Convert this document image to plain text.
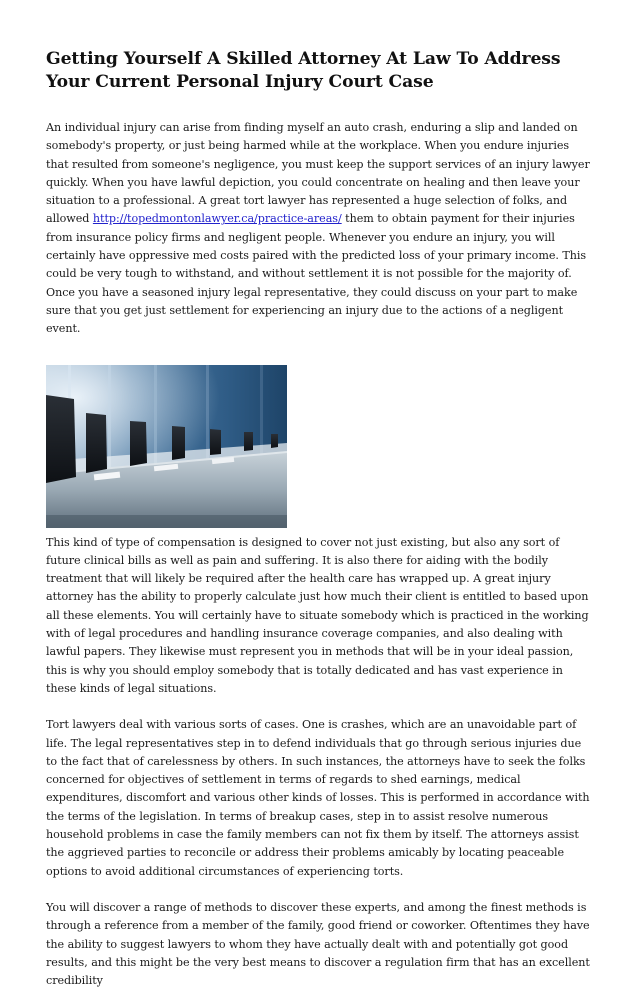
Getting Yourself A Skilled Attorney At Law To Address Your Current Personal Injury Court Case

An individual injury can arise from finding myself an auto crash, enduring a slip and landed on somebody's property, or just being harmed while at the workplace. When you endure injuries that resulted from someone's negligence, you must keep the support services of an injury lawyer quickly. When you have lawful depiction, you could concentrate on healing and then leave your situation to a professional. A great tort lawyer has represented a huge selection of folks, and allowed http://topedmontonlawyer.ca/practice-areas/ them to obtain payment for their injuries from insurance policy firms and negligent people. Whenever you endure an injury, you will certainly have oppressive med costs paired with the predicted loss of your primary income. This could be very tough to withstand, and without settlement it is not possible for the majority of. Once you have a seasoned injury legal representative, they could discuss on your part to make sure that you get just settlement for experiencing an injury due to the actions of a negligent event.

This kind of type of compensation is designed to cover not just existing, but also any sort of future clinical bills as well as pain and suffering. It is also there for aiding with the bodily treatment that will likely be required after the health care has wrapped up. A great injury attorney has the ability to properly calculate just how much their client is entitled to based upon all these elements. You will certainly have to situate somebody which is practiced in the working with of legal procedures and handling insurance coverage companies, and also dealing with lawful papers. They likewise must represent you in methods that will be in your ideal passion, this is why you should employ somebody that is totally dedicated and has vast experience in these kinds of legal situations.

Tort lawyers deal with various sorts of cases. One is crashes, which are an unavoidable part of life. The legal representatives step in to defend individuals that go through serious injuries due to the fact that of carelessness by others. In such instances, the attorneys have to seek the folks concerned for objectives of settlement in terms of regards to shed earnings, medical expenditures, discomfort and various other kinds of losses. This is performed in accordance with the terms of the legislation. In terms of breakup cases, step in to assist resolve numerous household problems in case the family members can not fix them by itself. The attorneys assist the aggrieved parties to reconcile or address their problems amicably by locating peaceable options to avoid additional circumstances of experiencing torts.

You will discover a range of methods to discover these experts, and among the finest methods is through a reference from a member of the family, good friend or coworker. Oftentimes they have the ability to suggest lawyers to whom they have actually dealt with and potentially got good results, and this might be the very best means to discover a regulation firm that has an excellent credibility
